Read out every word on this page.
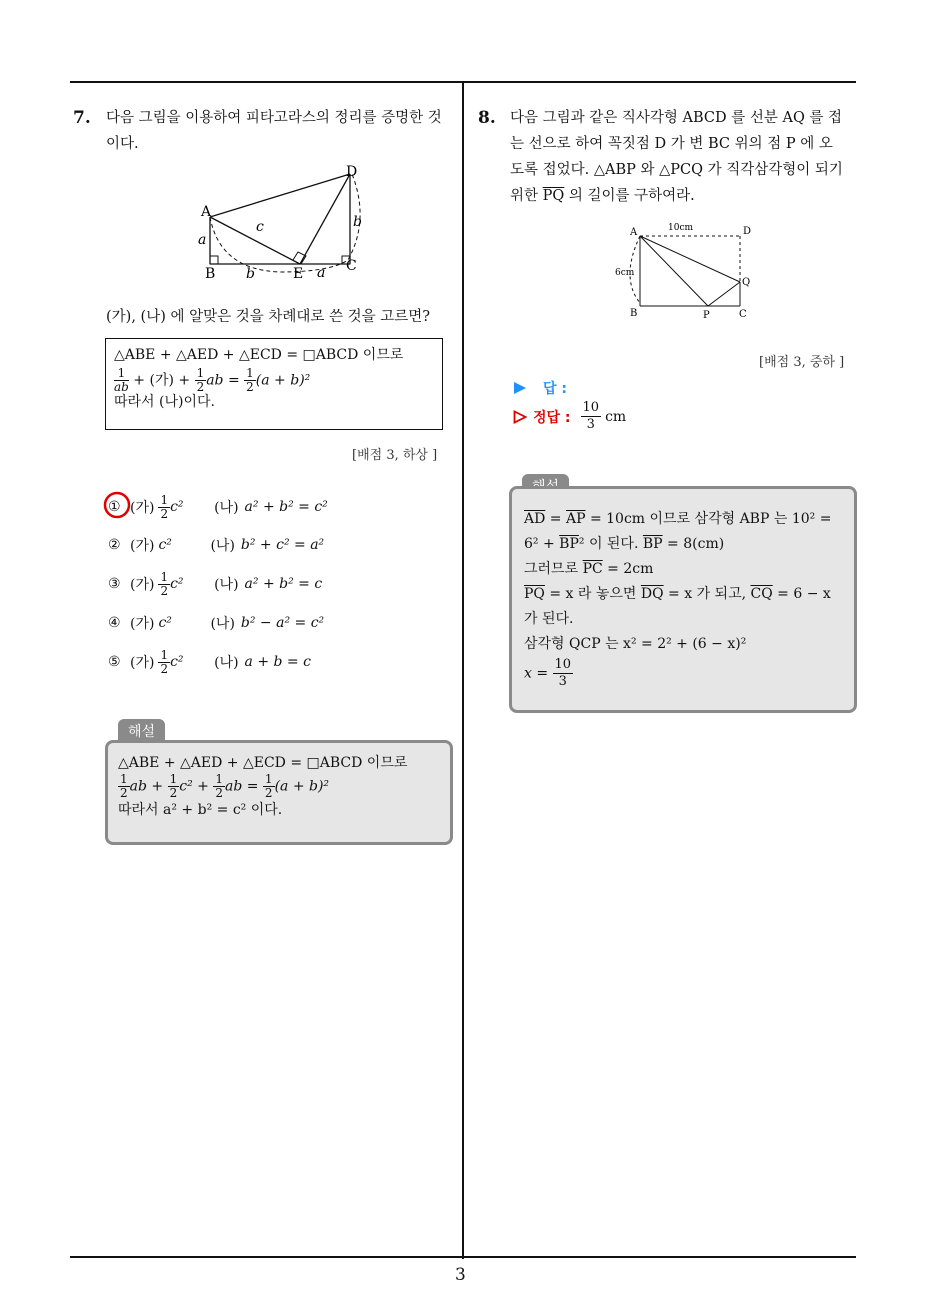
3
7. 다음 그림을 이용하여 피타고라스의 정리를 증명한 것
이다.
A
B	C
D
E
a
a
b
b
c
(가), (나) 에 알맞은 것을 차례대로 쓴 것을 고르면?
△ABE + △AED + △ECD = □ABCD 이므로
$\frac{1}{ab}$ + (가) + $\frac{1}{2}$ ab = $\frac{1}{2} (a + b)^2$
따라서 (나)이다.
[배점 3, 하상 ]
① (가) $\frac{1}{2} c^2$	(나) a² + b² = c²
② (가) c²	(나) b² + c² = a²
③ (가) $\frac{1}{2} c^2$	(나) a² + b² = c
④ (가) c²	(나) b² − a² = c²
⑤ (가) $\frac{1}{2} c^2$	(나) a + b = c
해설
△ABE + △AED + △ECD = □ABCD 이므로
$\frac{1}{2}$ ab + $\frac{1}{2} c^2 + \frac{1}{2}$ ab = $\frac{1}{2} (a + b)^2$
따라서 a² + b² = c² 이다.
8. 다음 그림과 같은 직사각형 ABCD 를 선분 AQ 를 접
는 선으로 하여 꼭짓점 D 가 변 BC 위의 점 P 에 오
도록 접었다. △ABP 와 △PCQ 가 직각삼각형이 되기
위한 $\overline{PQ}$ 의 길이를 구하여라.
A
B	C
D
P
Q
10cm
6cm
[배점 3, 중하 ]
답 :
정답 : $\frac{10}{3}$ cm
$\overline{AD} = \overline{AP} = 10cm$ 이므로 삼각형 ABP 는 10² =
$6^2 + \overline{BP}^2$ 이 된다. $\overline{BP} = 8(cm)$
그러므로 $\overline{PC} = 2cm$
$\overline{PQ} = x$ 라 놓으면 $\overline{DQ} = x$ 가 되고, $\overline{CQ} = 6 - x$
가 된다.
삼각형 QCP 는 x² = 2² + (6 − x)²
$x = \frac{10}{3}$
